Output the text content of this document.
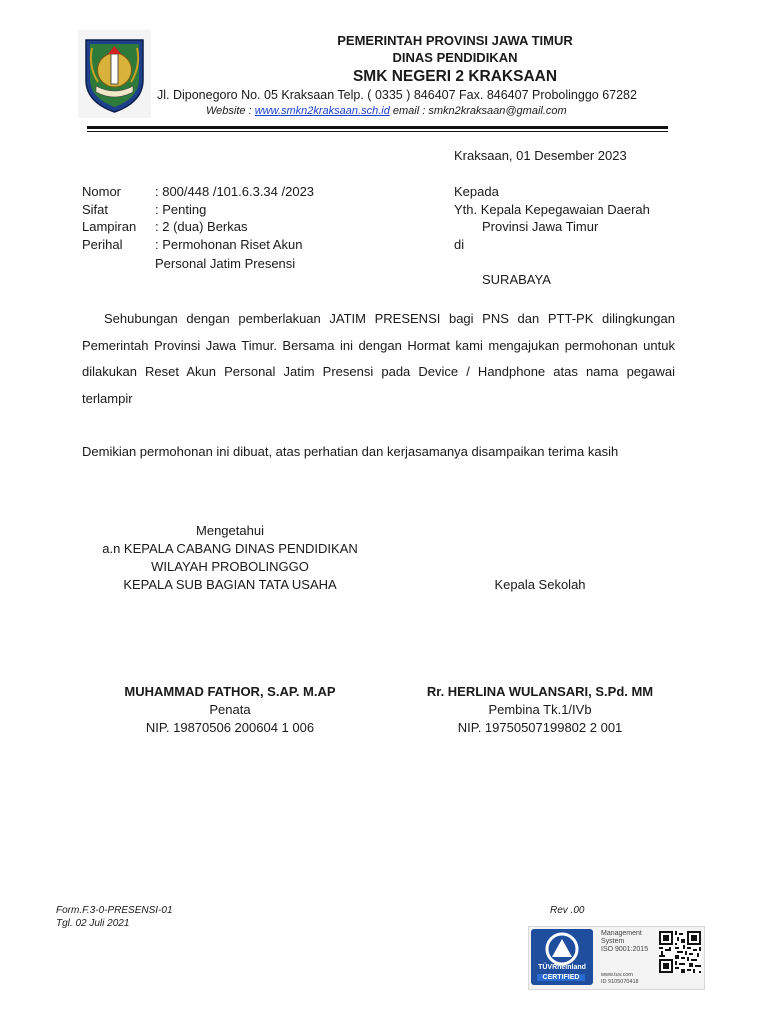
PEMERINTAH PROVINSI JAWA TIMUR
DINAS PENDIDIKAN
SMK NEGERI 2 KRAKSAAN
Jl. Diponegoro No. 05 Kraksaan Telp. ( 0335 ) 846407 Fax. 846407 Probolinggo 67282
Website : www.smkn2kraksaan.sch.id email : smkn2kraksaan@gmail.com
Kraksaan, 01 Desember 2023
Nomor	: 800/448 /101.6.3.34 /2023
Sifat	: Penting
Lampiran : 2 (dua) Berkas
Perihal	: Permohonan Riset Akun
Personal Jatim Presensi
Kepada
Yth. Kepala Kepegawaian Daerah
Provinsi Jawa Timur
di
SURABAYA
Sehubungan dengan pemberlakuan JATIM PRESENSI bagi PNS dan PTT-PK dilingkungan Pemerintah Provinsi Jawa Timur. Bersama ini dengan Hormat kami mengajukan permohonan untuk dilakukan Reset Akun Personal Jatim Presensi pada Device / Handphone atas nama pegawai terlampir
Demikian permohonan ini dibuat, atas perhatian dan kerjasamanya disampaikan terima kasih
Mengetahui
a.n KEPALA CABANG DINAS PENDIDIKAN
WILAYAH PROBOLINGGO
KEPALA SUB BAGIAN TATA USAHA
MUHAMMAD FATHOR, S.AP. M.AP
Penata
NIP. 19870506 200604 1 006
Kepala Sekolah
Rr. HERLINA WULANSARI, S.Pd. MM
Pembina Tk.1/IVb
NIP. 19750507199802 2 001
Form.F.3-0-PRESENSI-01
Tgl. 02 Juli 2021
Rev .00
TÜVRheinland
CERTIFIED
Management
System
ISO 9001:2015
www.tuv.com
ID 9105070418
